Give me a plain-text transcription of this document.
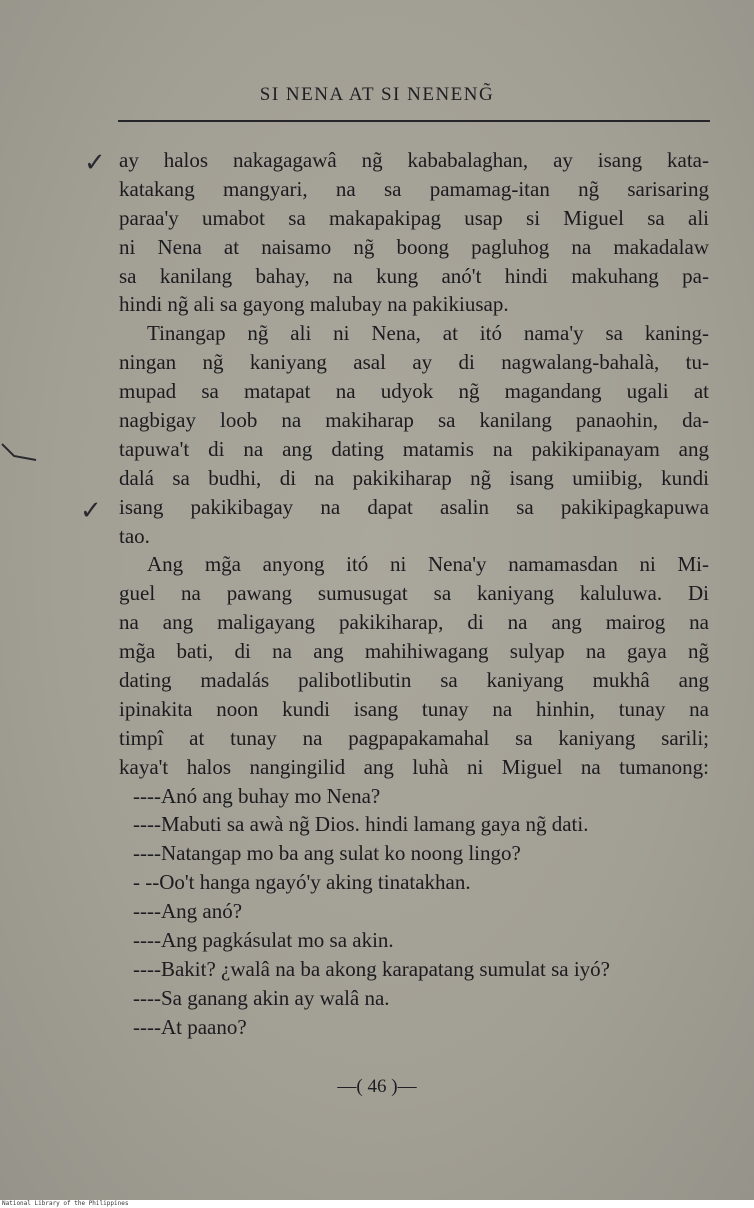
SI NENA AT SI NENENG̃
✓
✓
ay halos nakagagawâ ng̃ kababalaghan, ay isang kata-
katakang mangyari, na sa pamamag-itan ng̃ sarisaring
paraa'y umabot sa makapakipag usap si Miguel sa ali
ni Nena at naisamo ng̃ boong pagluhog na makadalaw
sa kanilang bahay, na kung anó't hindi makuhang pa-
hindi ng̃ ali sa gayong malubay na pakikiusap.
Tinangap ng̃ ali ni Nena, at itó nama'y sa kaning-
ningan ng̃ kaniyang asal ay di nagwalang-bahalà, tu-
mupad sa matapat na udyok ng̃ magandang ugali at
nagbigay loob na makiharap sa kanilang panaohin, da-
tapuwa't di na ang dating matamis na pakikipanayam ang
dalá sa budhi, di na pakikiharap ng̃ isang umiibig, kundi
isang pakikibagay na dapat asalin sa pakikipagkapuwa
tao.
Ang mg̃a anyong itó ni Nena'y namamasdan ni Mi-
guel na pawang sumusugat sa kaniyang kaluluwa. Di
na ang maligayang pakikiharap, di na ang mairog na
mg̃a bati, di na ang mahihiwagang sulyap na gaya ng̃
dating madalás palibotlibutin sa kaniyang mukhâ ang
ipinakita noon kundi isang tunay na hinhin, tunay na
timpî at tunay na pagpapakamahal sa kaniyang sarili;
kaya't halos nangingilid ang luhà ni Miguel na tumanong:
----Anó ang buhay mo Nena?
----Mabuti sa awà ng̃ Dios. hindi lamang gaya ng̃ dati.
----Natangap mo ba ang sulat ko noong lingo?
- --Oo't hanga ngayó'y aking tinatakhan.
----Ang anó?
----Ang pagkásulat mo sa akin.
----Bakit? ¿walâ na ba akong karapatang sumulat sa iyó?
----Sa ganang akin ay walâ na.
----At paano?
—( 46 )—
National Library of the Philippines
